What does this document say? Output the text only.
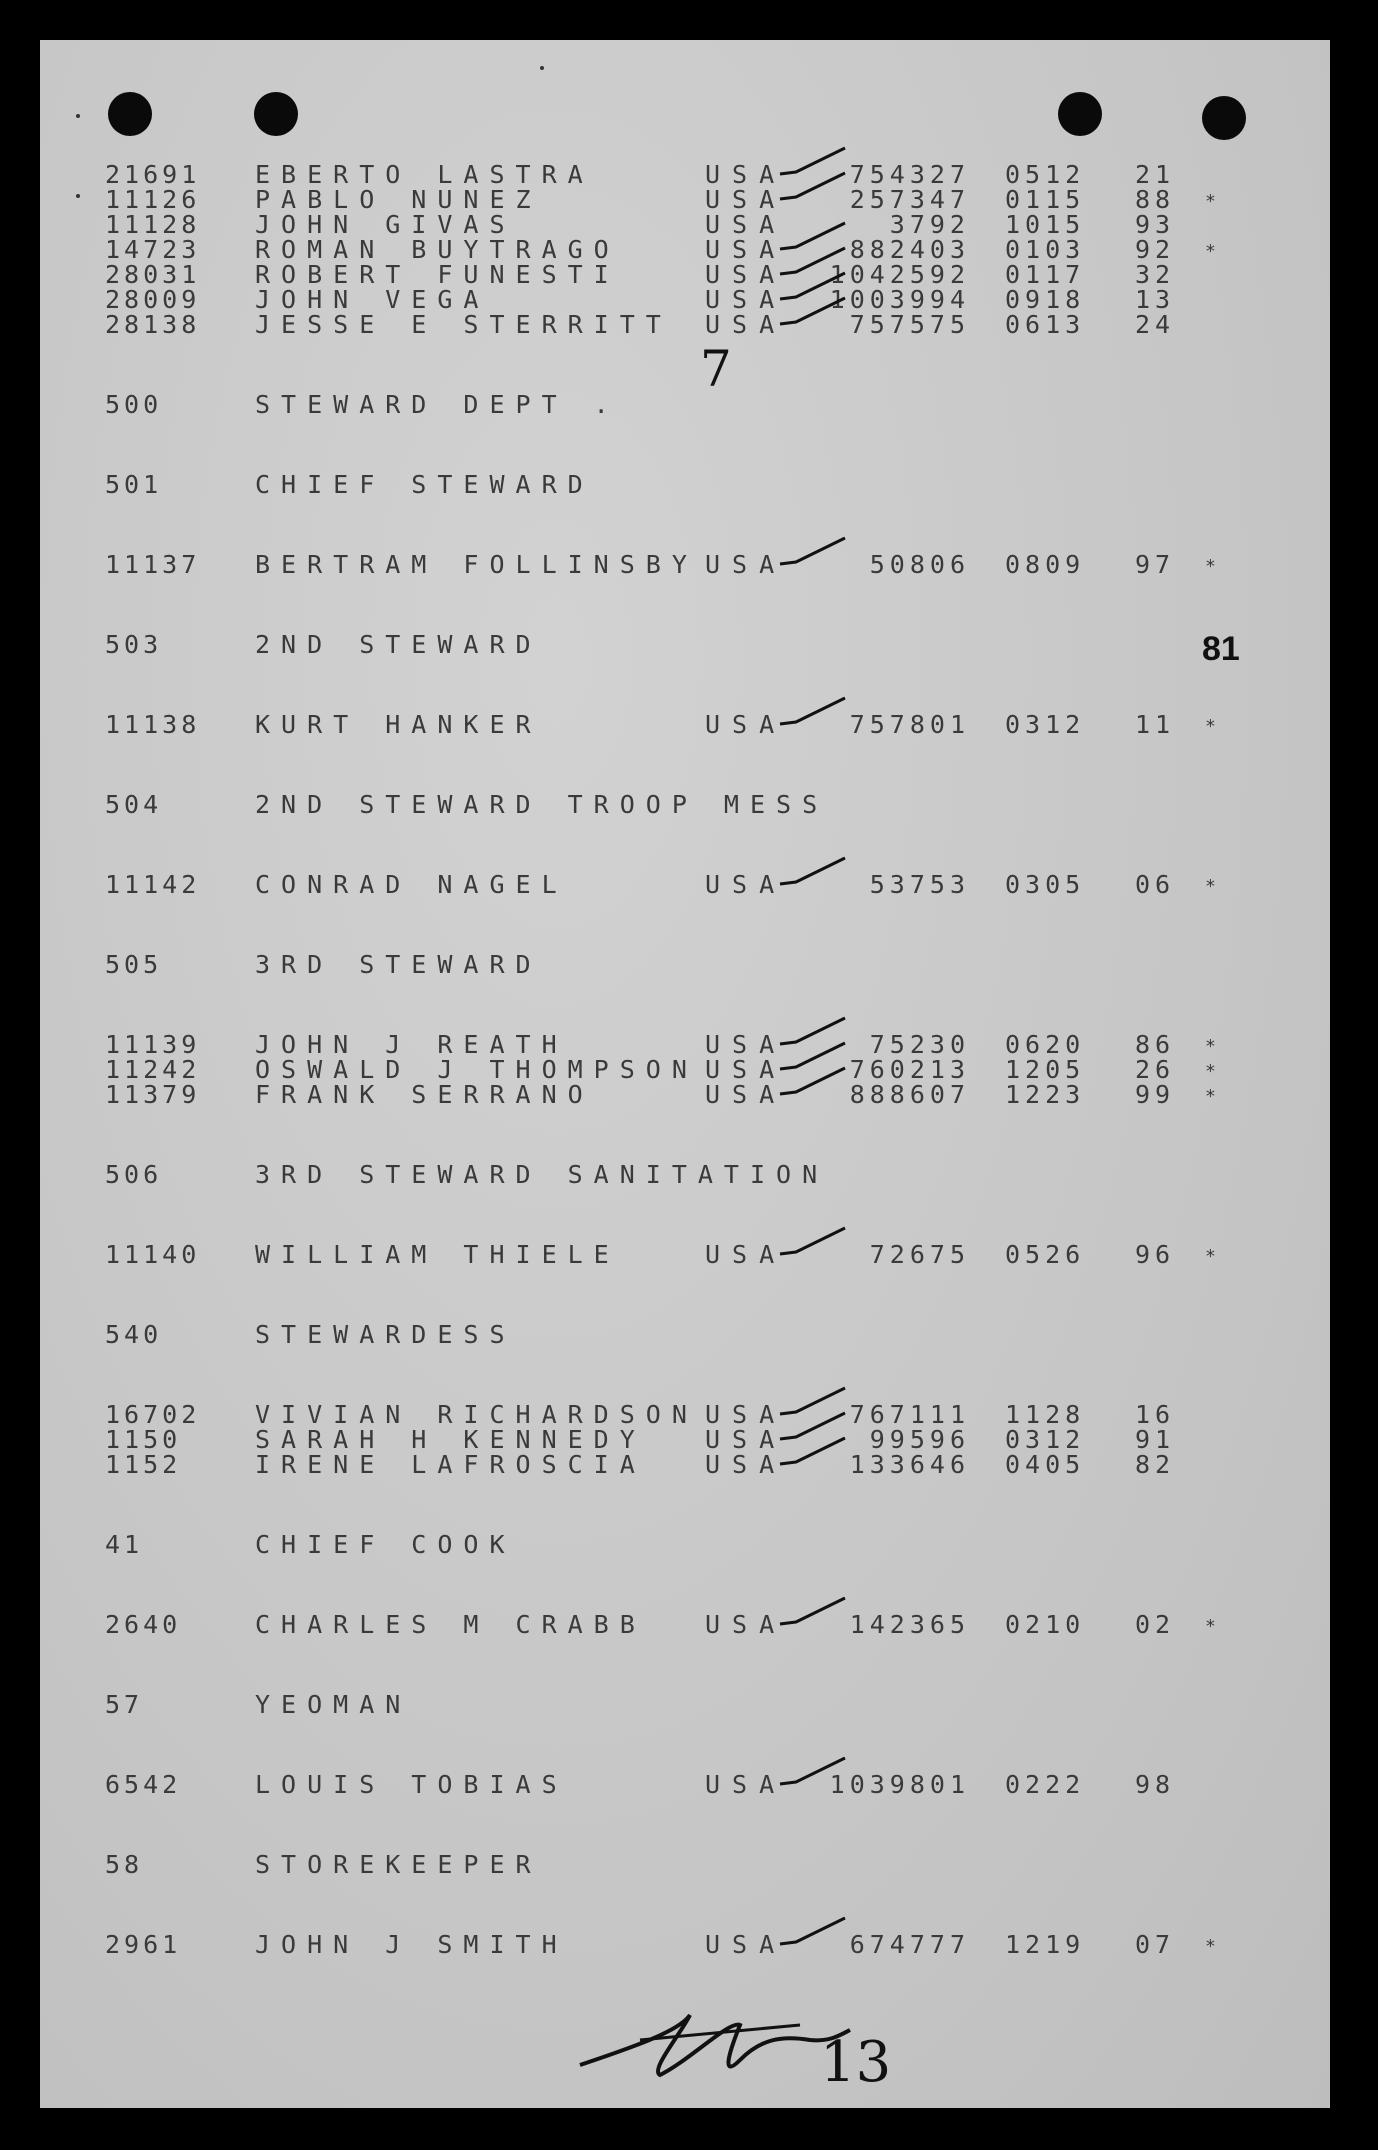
21691 EBERTO LASTRA	USA	754327 0512 21
11126 PABLO NUNEZ	USA	257347 0115 88 *
11128 JOHN GIVAS	USA	3792 1015 93
14723 ROMAN BUYTRAGO	USA	882403 0103 92 *
28031 ROBERT FUNESTI	USA 1042592 0117 32
28009 JOHN VEGA	USA 1003994 0918 13
28138 JESSE E STERRITT USA	757575 0613 24
500	STEWARD DEPT .
501	CHIEF STEWARD
11137 BERTRAM FOLLINSBY USA	50806 0809 97 *
503	2ND STEWARD
11138 KURT HANKER	USA	757801 0312 11 *
504	2ND STEWARD TROOP MESS
11142 CONRAD NAGEL	USA	53753 0305 06 *
505	3RD STEWARD
11139 JOHN J REATH	USA	75230 0620 86 *
11242 OSWALD J THOMPSON USA	760213 1205 26 *
11379 FRANK SERRANO	USA	888607 1223 99 *
506	3RD STEWARD SANITATION
11140 WILLIAM THIELE	USA	72675 0526 96 *
540	STEWARDESS
16702 VIVIAN RICHARDSON USA	767111 1128 16
1150	SARAH H KENNEDY USA	99596 0312 91
1152	IRENE LAFROSCIA USA	133646 0405 82
41	CHIEF COOK
2640	CHARLES M CRABB USA	142365 0210 02 *
57	YEOMAN
6542	LOUIS TOBIAS	USA 1039801 0222 98
58	STOREKEEPER
2961	JOHN J SMITH	USA	674777 1219 07 *
81
7
13
